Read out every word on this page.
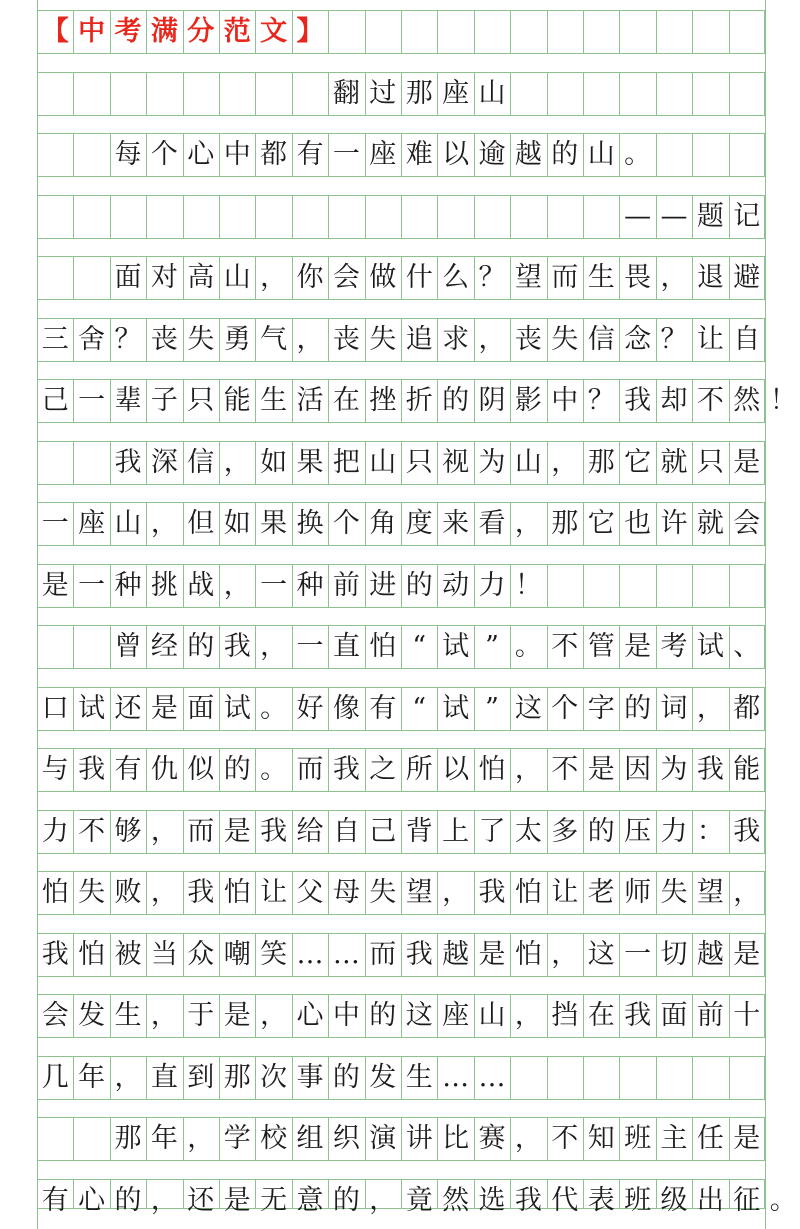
【 中 考 满 分 范 文 】
翻 过 那 座 山
每 个 心 中 都 有 一 座 难 以 逾 越 的 山 。
— — 题 记
面 对 高 山 ， 你 会 做 什 么 ？ 望 而 生 畏 ， 退 避
三 舍 ？ 丧 失 勇 气 ， 丧 失 追 求 ， 丧 失 信 念 ？ 让 自
己 一 辈 子 只 能 生 活 在 挫 折 的 阴 影 中 ？ 我 却 不 然 ！
我 深 信 ， 如 果 把 山 只 视 为 山 ， 那 它 就 只 是
一 座 山 ， 但 如 果 换 个 角 度 来 看 ， 那 它 也 许 就 会
是 一 种 挑 战 ， 一 种 前 进 的 动 力 ！
曾 经 的 我 ， 一 直 怕 “ 试 ” 。 不 管 是 考 试 、
口 试 还 是 面 试 。 好 像 有 “ 试 ” 这 个 字 的 词 ， 都
与 我 有 仇 似 的 。 而 我 之 所 以 怕 ， 不 是 因 为 我 能
力 不 够 ， 而 是 我 给 自 己 背 上 了 太 多 的 压 力 ： 我
怕 失 败 ， 我 怕 让 父 母 失 望 ， 我 怕 让 老 师 失 望 ，
我 怕 被 当 众 嘲 笑 … … 而 我 越 是 怕 ， 这 一 切 越 是
会 发 生 ， 于 是 ， 心 中 的 这 座 山 ， 挡 在 我 面 前 十
几 年 ， 直 到 那 次 事 的 发 生 … …
那 年 ， 学 校 组 织 演 讲 比 赛 ， 不 知 班 主 任 是
有 心 的 ， 还 是 无 意 的 ， 竟 然 选 我 代 表 班 级 出 征 。
